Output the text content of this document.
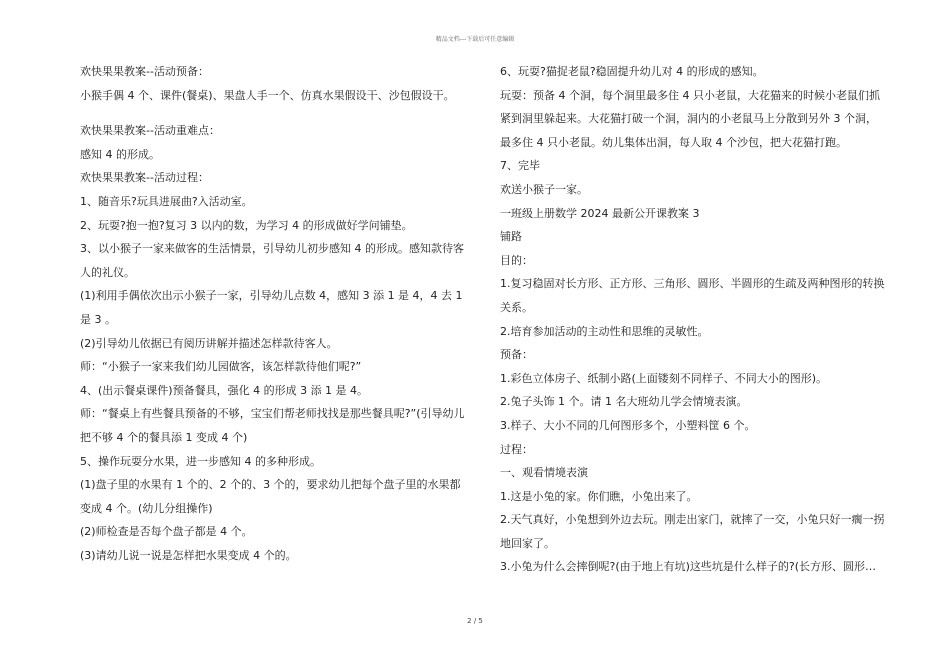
精品文档---下载后可任意编辑

欢快果果教案--活动预备：

小猴手偶 4 个、课件(餐桌)、果盘人手一个、仿真水果假设干、沙包假设干。

欢快果果教案--活动重难点：

感知 4 的形成。

欢快果果教案--活动过程：

1、随音乐?玩具进展曲?入活动室。

2、玩耍?抱一抱?复习 3 以内的数，为学习 4 的形成做好学问铺垫。

3、以小猴子一家来做客的生活情景，引导幼儿初步感知 4 的形成。感知款待客人的礼仪。

(1)利用手偶依次出示小猴子一家，引导幼儿点数 4，感知 3 添 1 是 4，4 去 1 是 3 。

(2)引导幼儿依据已有阅历讲解并描述怎样款待客人。

师：“小猴子一家来我们幼儿园做客，该怎样款待他们呢?”

4、(出示餐桌课件)预备餐具，强化 4 的形成 3 添 1 是 4。

师：“餐桌上有些餐具预备的不够，宝宝们帮老师找找是那些餐具呢?”(引导幼儿把不够 4 个的餐具添 1 变成 4 个)

5、操作玩耍分水果，进一步感知 4 的多种形成。

(1)盘子里的水果有 1 个的、2 个的、3 个的，要求幼儿把每个盘子里的水果都变成 4 个。(幼儿分组操作)

(2)师检查是否每个盘子都是 4 个。

(3)请幼儿说一说是怎样把水果变成 4 个的。

6、玩耍?猫捉老鼠?稳固提升幼儿对 4 的形成的感知。

玩耍：预备 4 个洞，每个洞里最多住 4 只小老鼠，大花猫来的时候小老鼠们抓紧到洞里躲起来。大花猫打破一个洞，洞内的小老鼠马上分散到另外 3 个洞，最多住 4 只小老鼠。幼儿集体出洞，每人取 4 个沙包，把大花猫打跑。

7、完毕

欢送小猴子一家。

一班级上册数学 2024 最新公开课教案 3

铺路

目的：

1.复习稳固对长方形、正方形、三角形、圆形、半圆形的生疏及两种图形的转换关系。

2.培育参加活动的主动性和思维的灵敏性。

预备：

1.彩色立体房子、纸制小路(上面镂刻不同样子、不同大小的图形)。

2.兔子头饰 1 个。请 1 名大班幼儿学会情境表演。

3.样子、大小不同的几何图形多个，小塑料筐 6 个。

过程：

一、观看情境表演

1.这是小兔的家。你们瞧，小兔出来了。

2.天气真好，小兔想到外边去玩。刚走出家门，就摔了一交，小兔只好一瘸一拐地回家了。

3.小兔为什么会摔倒呢?(由于地上有坑)这些坑是什么样子的?(长方形、圆形…

2 / 5
